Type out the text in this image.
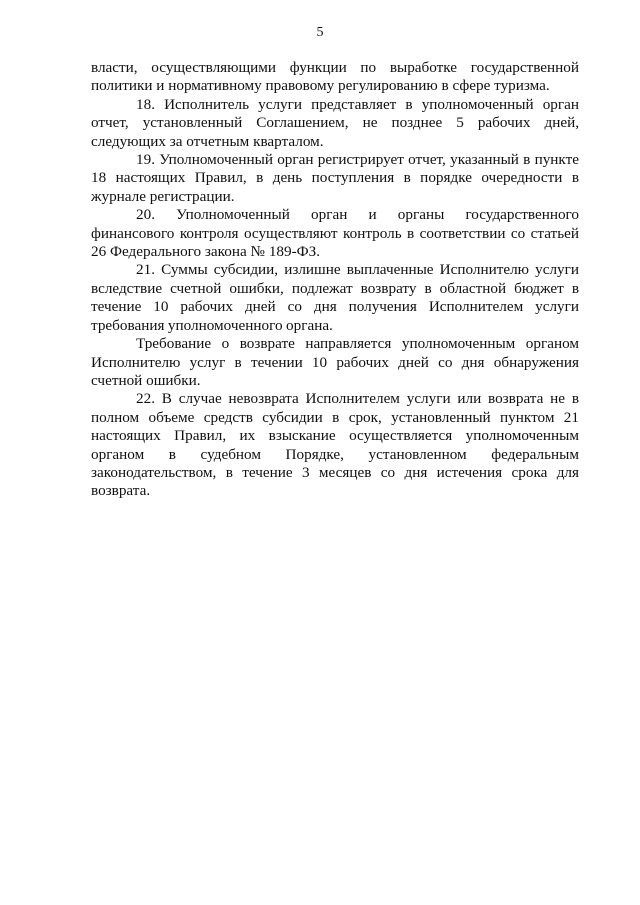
5

власти, осуществляющими функции по выработке государственной политики и нормативному правовому регулированию в сфере туризма.

18. Исполнитель услуги представляет в уполномоченный орган отчет, установленный Соглашением, не позднее 5 рабочих дней, следующих за отчетным кварталом.

19. Уполномоченный орган регистрирует отчет, указанный в пункте 18 настоящих Правил, в день поступления в порядке очередности в журнале регистрации.

20. Уполномоченный орган и органы государственного финансового контроля осуществляют контроль в соответствии со статьей 26 Федерального закона № 189-ФЗ.

21. Суммы субсидии, излишне выплаченные Исполнителю услуги вследствие счетной ошибки, подлежат возврату в областной бюджет в течение 10 рабочих дней со дня получения Исполнителем услуги требования уполномоченного органа.

Требование о возврате направляется уполномоченным органом Исполнителю услуг в течении 10 рабочих дней со дня обнаружения счетной ошибки.

22. В случае невозврата Исполнителем услуги или возврата не в полном объеме средств субсидии в срок, установленный пунктом 21 настоящих Правил, их взыскание осуществляется уполномоченным органом в судебном Порядке, установленном федеральным законодательством, в течение 3 месяцев со дня истечения срока для возврата.
